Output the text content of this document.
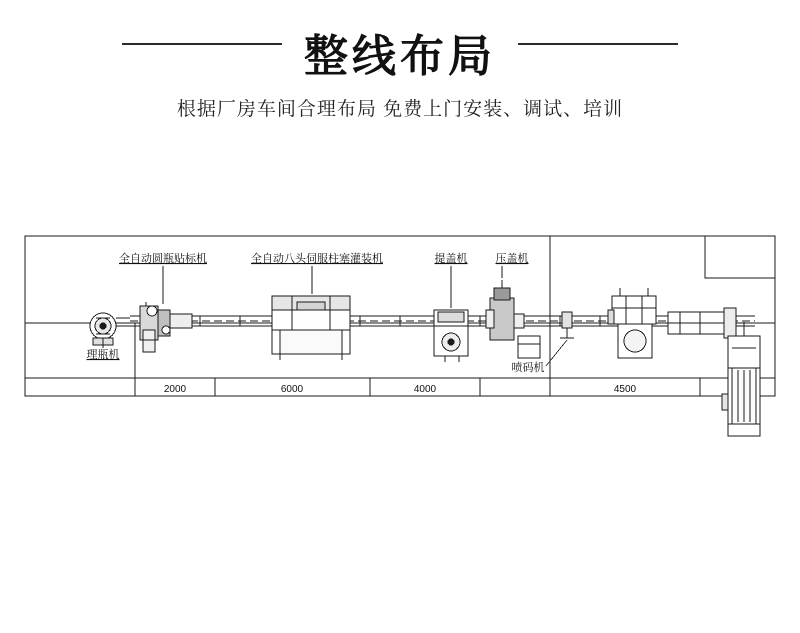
整线布局
根据厂房车间合理布局 免费上门安装、调试、培训
理瓶机
全自动圆瓶贴标机	全自动八头伺服柱塞灌装机	提盖机	压盖机
喷码机
2000	6000	4000	4500
